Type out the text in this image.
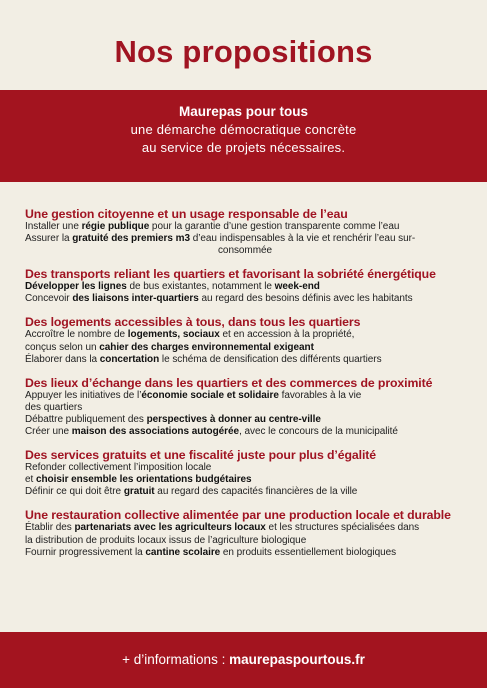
Nos propositions
Maurepas pour tous
une démarche démocratique concrète
au service de projets nécessaires.
Une gestion citoyenne et un usage responsable de l’eau
Installer une régie publique pour la garantie d’une gestion transparente comme l’eau
Assurer la gratuité des premiers m3 d’eau indispensables à la vie et renchérir l’eau sur-
consommée
Des transports reliant les quartiers et favorisant la sobriété énergétique
Développer les lignes de bus existantes, notamment le week-end
Concevoir des liaisons inter-quartiers au regard des besoins définis avec les habitants
Des logements accessibles à tous, dans tous les quartiers
Accroître le nombre de logements, sociaux et en accession à la propriété,
conçus selon un cahier des charges environnemental exigeant
Élaborer dans la concertation le schéma de densification des différents quartiers
Des lieux d’échange dans les quartiers et des commerces de proximité
Appuyer les initiatives de l’économie sociale et solidaire favorables à la vie
des quartiers
Débattre publiquement des perspectives à donner au centre-ville
Créer une maison des associations autogérée, avec le concours de la municipalité
Des services gratuits et une fiscalité juste pour plus d’égalité
Refonder collectivement l’imposition locale
et choisir ensemble les orientations budgétaires
Définir ce qui doit être gratuit au regard des capacités financières de la ville
Une restauration collective alimentée par une production locale et durable
Établir des partenariats avec les agriculteurs locaux et les structures spécialisées dans
la distribution de produits locaux issus de l’agriculture biologique
Fournir progressivement la cantine scolaire en produits essentiellement biologiques
+ d’informations : maurepaspourtous.fr
